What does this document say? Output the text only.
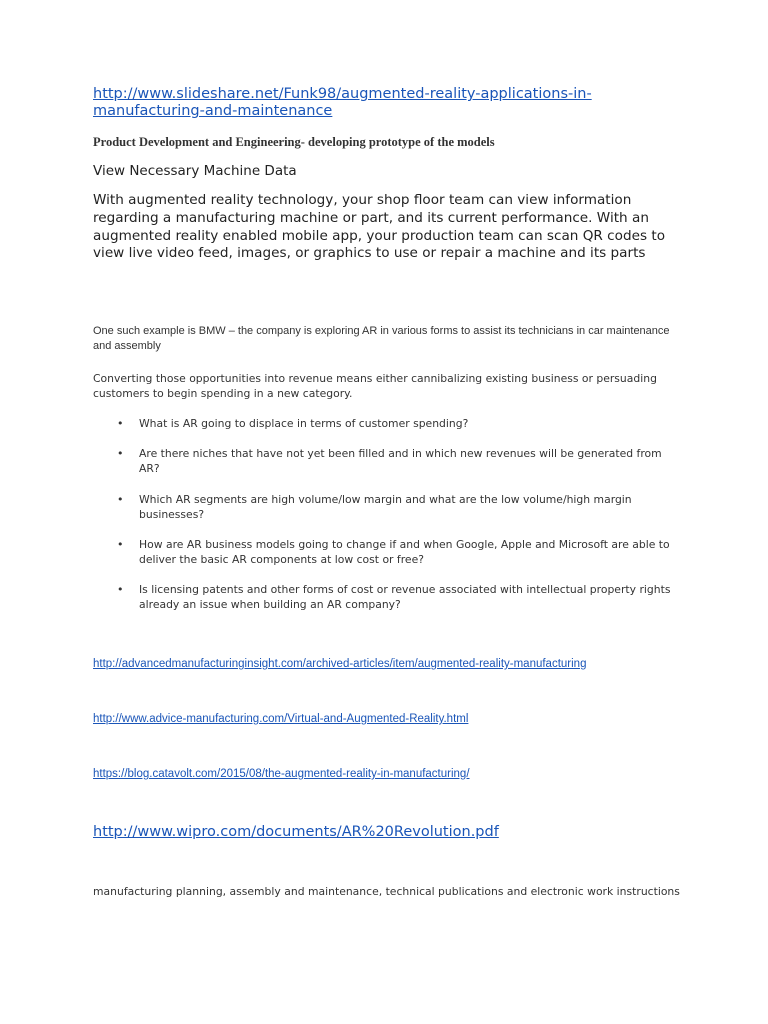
http://www.slideshare.net/Funk98/augmented-reality-applications-in-manufacturing-and-maintenance

Product Development and Engineering- developing prototype of the models

View Necessary Machine Data

With augmented reality technology, your shop floor team can view information regarding a manufacturing machine or part, and its current performance. With an augmented reality enabled mobile app, your production team can scan QR codes to view live video feed, images, or graphics to use or repair a machine and its parts

One such example is BMW – the company is exploring AR in various forms to assist its technicians in car maintenance and assembly

Converting those opportunities into revenue means either cannibalizing existing business or persuading customers to begin spending in a new category.

• What is AR going to displace in terms of customer spending?
• Are there niches that have not yet been filled and in which new revenues will be generated from AR?
• Which AR segments are high volume/low margin and what are the low volume/high margin businesses?
• How are AR business models going to change if and when Google, Apple and Microsoft are able to deliver the basic AR components at low cost or free?
• Is licensing patents and other forms of cost or revenue associated with intellectual property rights already an issue when building an AR company?
http://advancedmanufacturinginsight.com/archived-articles/item/augmented-reality-manufacturing
http://www.advice-manufacturing.com/Virtual-and-Augmented-Reality.html
https://blog.catavolt.com/2015/08/the-augmented-reality-in-manufacturing/
http://www.wipro.com/documents/AR%20Revolution.pdf

manufacturing planning, assembly and maintenance, technical publications and electronic work instructions
